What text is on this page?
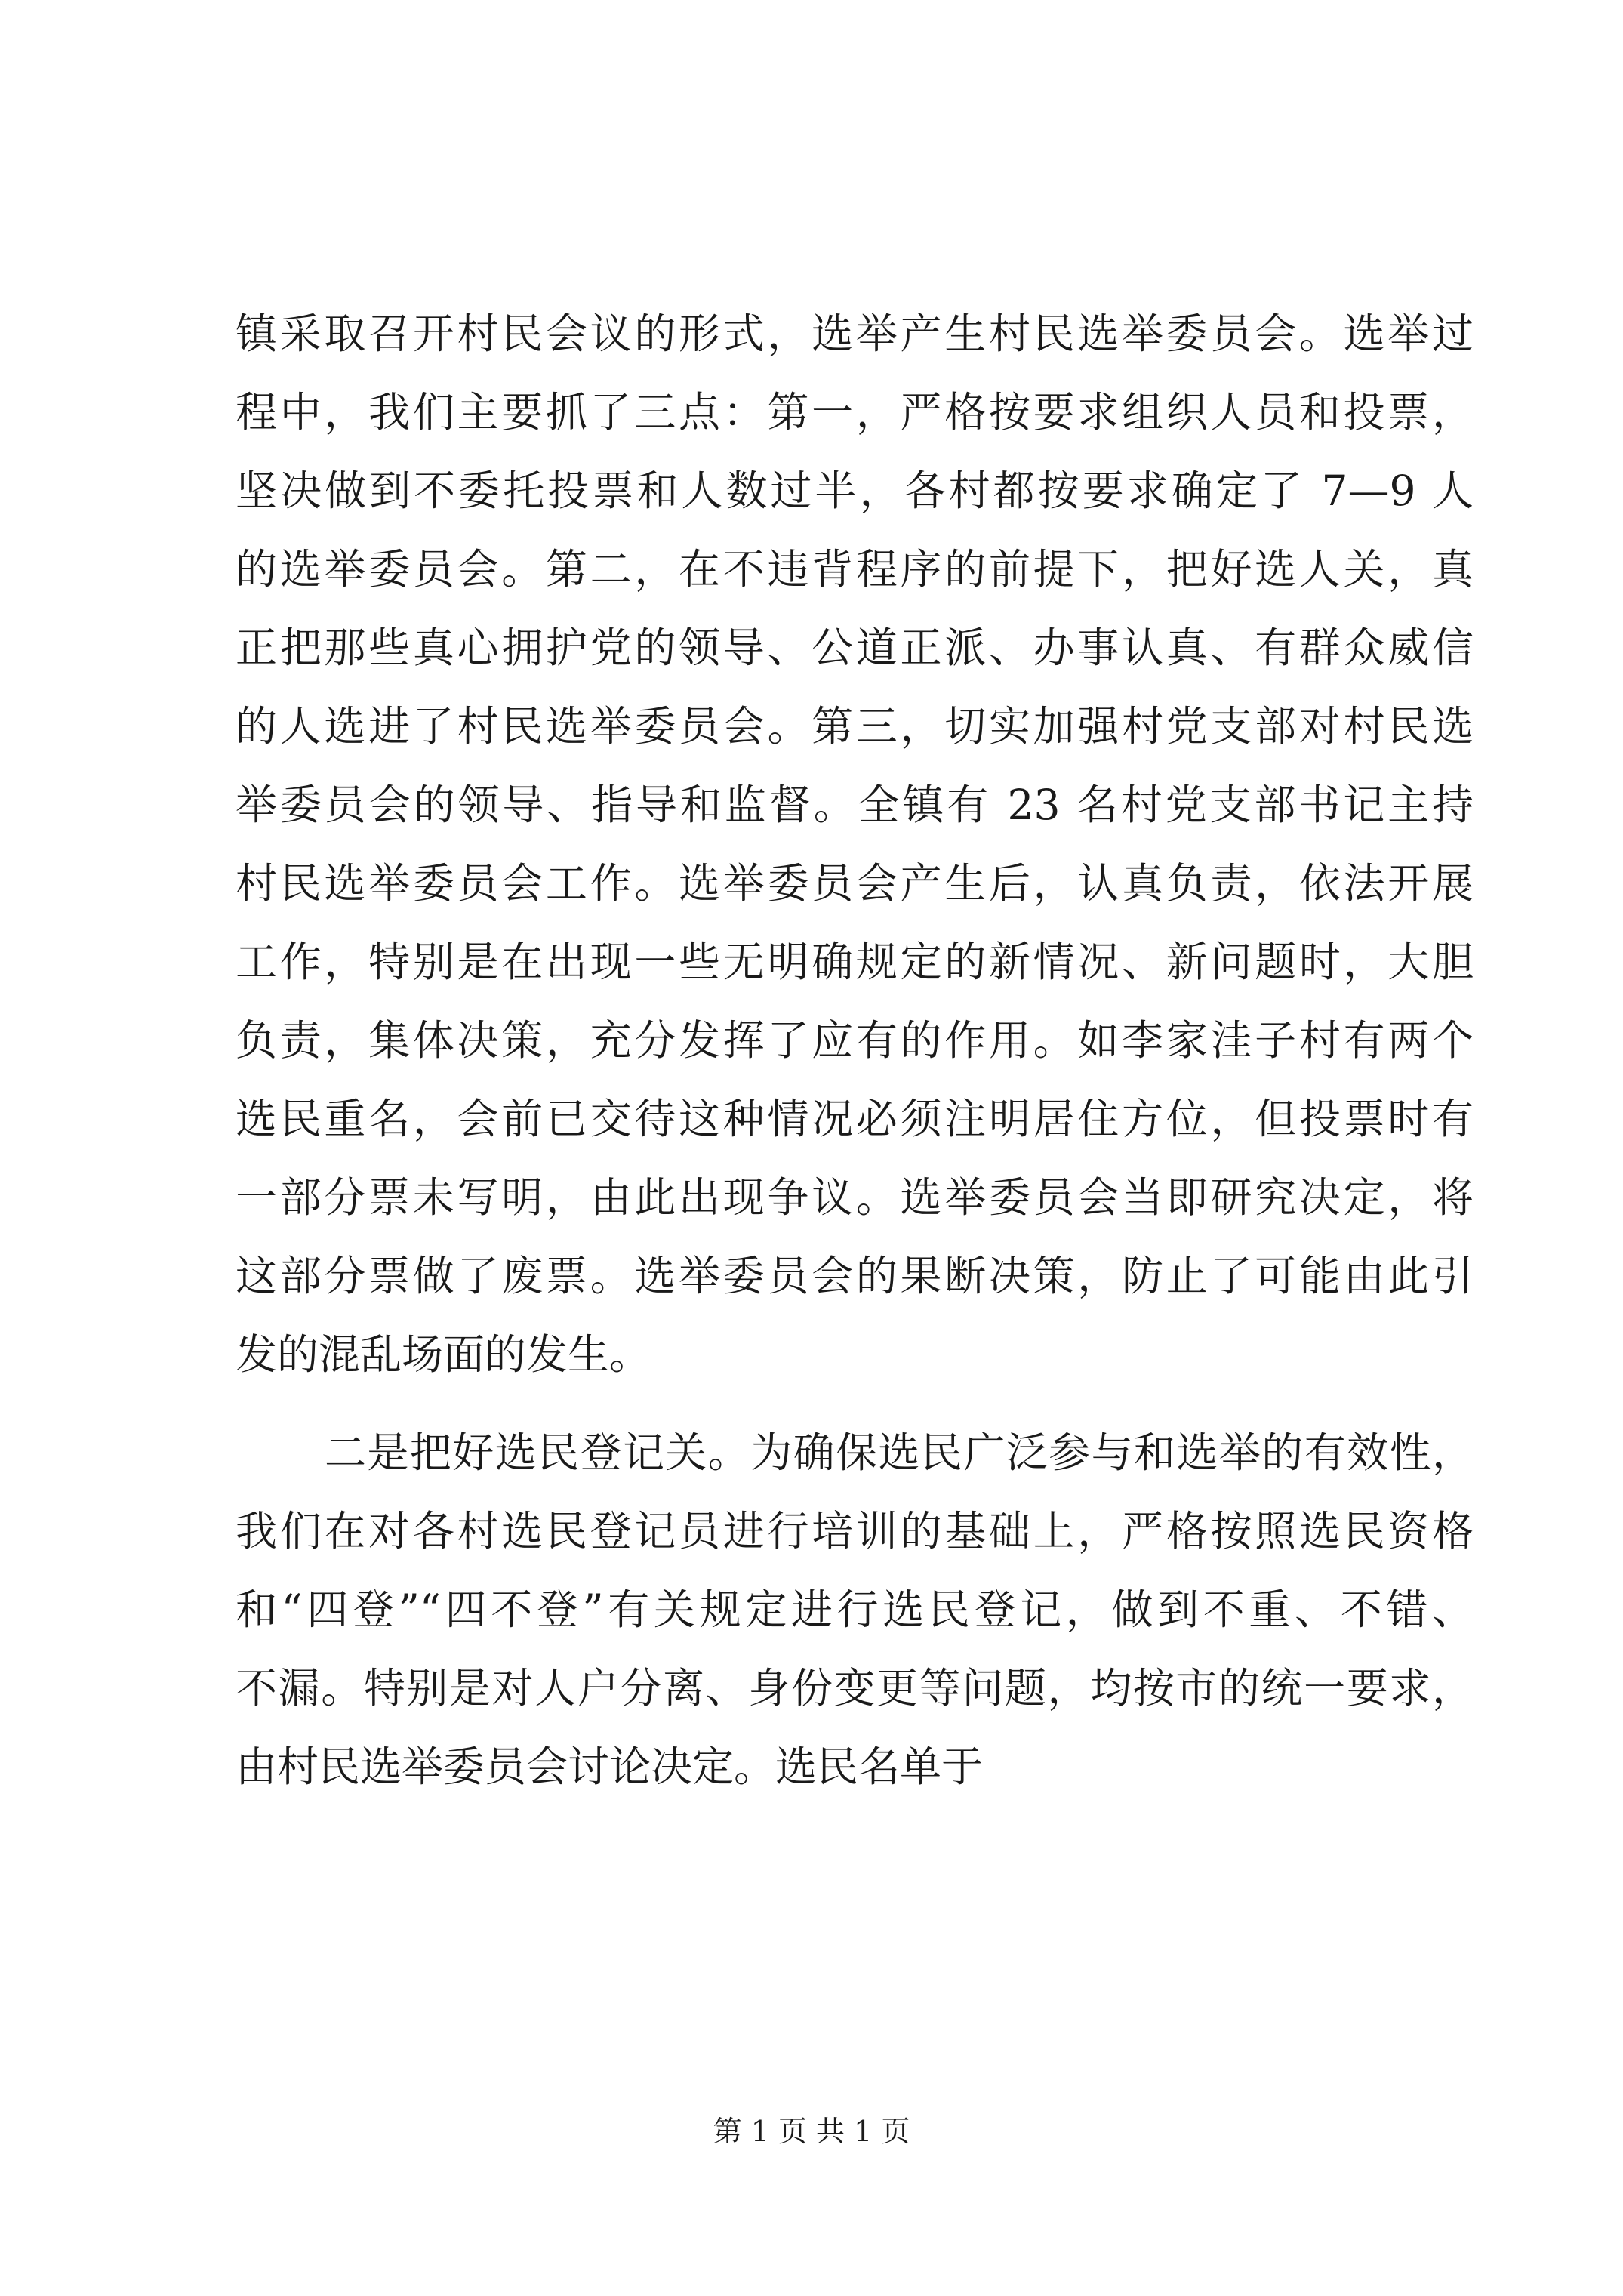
镇采取召开村民会议的形式，选举产生村民选举委员会。选举过
程中，我们主要抓了三点：第一，严格按要求组织人员和投票，
坚决做到不委托投票和人数过半，各村都按要求确定了 7—9 人
的选举委员会。第二，在不违背程序的前提下，把好选人关，真
正把那些真心拥护党的领导、公道正派、办事认真、有群众威信
的人选进了村民选举委员会。第三，切实加强村党支部对村民选
举委员会的领导、指导和监督。全镇有 23 名村党支部书记主持
村民选举委员会工作。选举委员会产生后，认真负责，依法开展
工作，特别是在出现一些无明确规定的新情况、新问题时，大胆
负责，集体决策，充分发挥了应有的作用。如李家洼子村有两个
选民重名，会前已交待这种情况必须注明居住方位，但投票时有
一部分票未写明，由此出现争议。选举委员会当即研究决定，将
这部分票做了废票。选举委员会的果断决策，防止了可能由此引
发的混乱场面的发生。
二是把好选民登记关。为确保选民广泛参与和选举的有效性，
我们在对各村选民登记员进行培训的基础上，严格按照选民资格
和“四登”“四不登”有关规定进行选民登记，做到不重、不错、
不漏。特别是对人户分离、身份变更等问题，均按市的统一要求，
由村民选举委员会讨论决定。选民名单于
第 1 页 共 1 页
